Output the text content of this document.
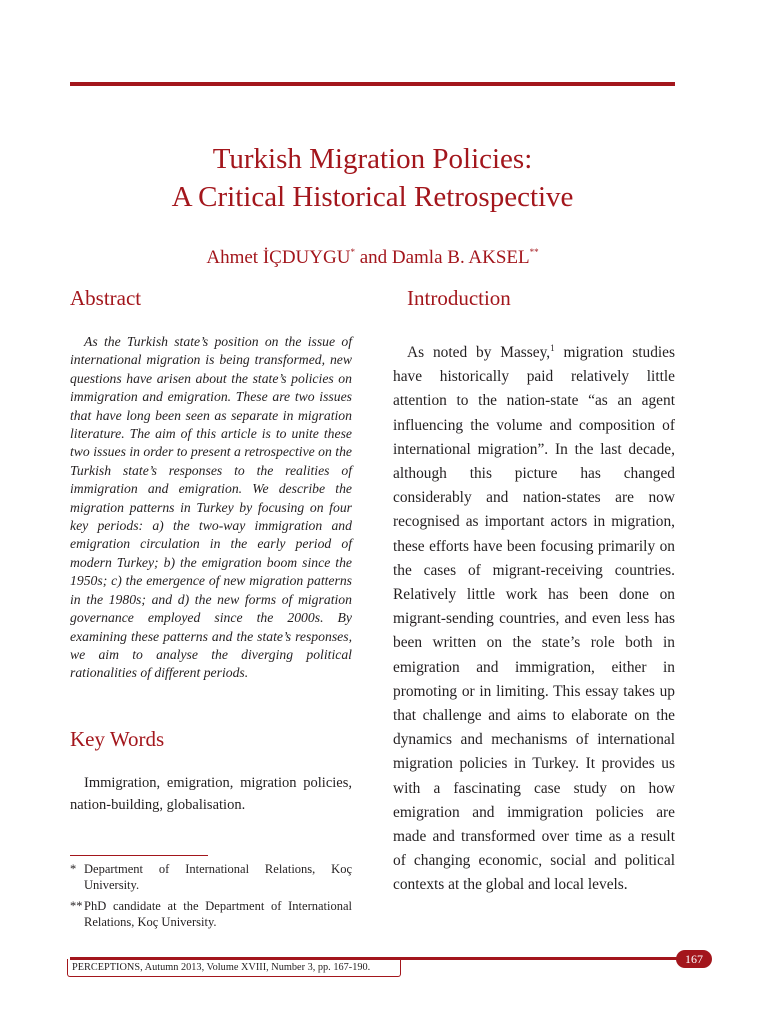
Turkish Migration Policies:
A Critical Historical Retrospective
Ahmet İÇDUYGU* and Damla B. AKSEL**
Abstract

As the Turkish state’s position on the issue of international migration is being transformed, new questions have arisen about the state’s policies on immigration and emigration. These are two issues that have long been seen as separate in migration literature. The aim of this article is to unite these two issues in order to present a retrospective on the Turkish state’s responses to the realities of immigration and emigration. We describe the migration patterns in Turkey by focusing on four key periods: a) the two-way immigration and emigration circulation in the early period of modern Turkey; b) the emigration boom since the 1950s; c) the emergence of new migration patterns in the 1980s; and d) the new forms of migration governance employed since the 2000s. By examining these patterns and the state’s responses, we aim to analyse the diverging political rationalities of different periods.

Key Words

Immigration, emigration, migration policies, nation-building, globalisation.

* Department of International Relations, Koç University.
** PhD candidate at the Department of International Relations, Koç University.
Introduction

As noted by Massey,$^1$ migration studies have historically paid relatively little attention to the nation-state “as an agent influencing the volume and composition of international migration”. In the last decade, although this picture has changed considerably and nation-states are now recognised as important actors in migration, these efforts have been focusing primarily on the cases of migrant-receiving countries. Relatively little work has been done on migrant-sending countries, and even less has been written on the state’s role both in emigration and immigration, either in promoting or in limiting. This essay takes up that challenge and aims to elaborate on the dynamics and mechanisms of international migration policies in Turkey. It provides us with a fascinating case study on how emigration and immigration policies are made and transformed over time as a result of changing economic, social and political contexts at the global and local levels.

PERCEPTIONS, Autumn 2013, Volume XVIII, Number 3, pp. 167-190.
167
